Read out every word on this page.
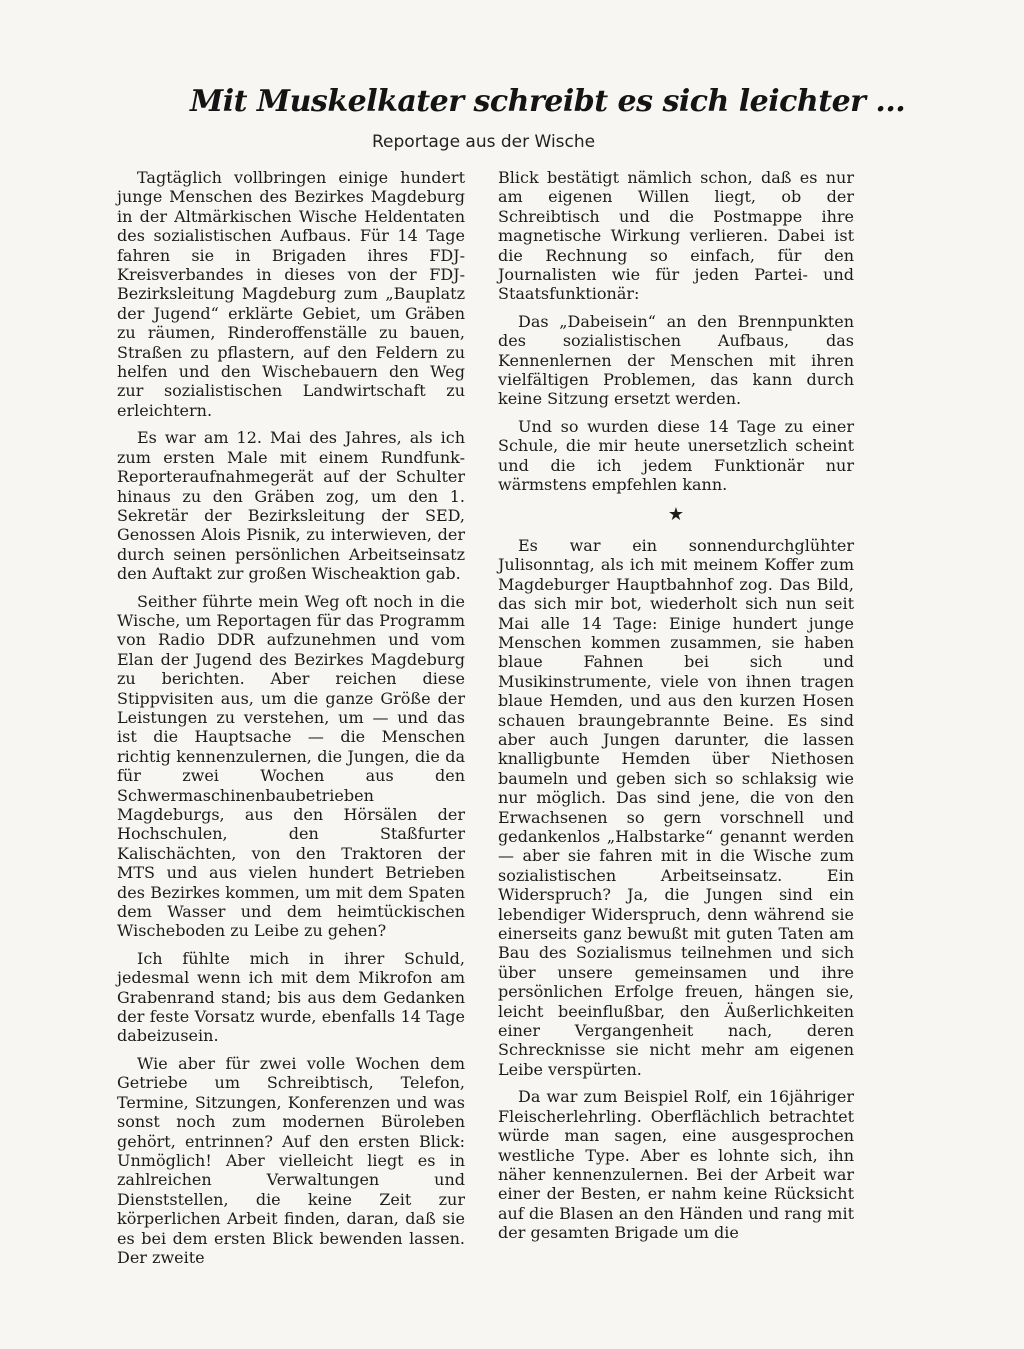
Mit Muskelkater schreibt es sich leichter ...
Reportage aus der Wische

Tagtäglich vollbringen einige hundert junge Menschen des Bezirkes Magdeburg in der Altmärkischen Wische Heldentaten des sozialistischen Aufbaus. Für 14 Tage fahren sie in Brigaden ihres FDJ-Kreisverbandes in dieses von der FDJ-Bezirksleitung Magdeburg zum „Bauplatz der Jugend“ erklärte Gebiet, um Gräben zu räumen, Rinderoffenställe zu bauen, Straßen zu pflastern, auf den Feldern zu helfen und den Wischebauern den Weg zur sozialistischen Landwirtschaft zu erleichtern.

Es war am 12. Mai des Jahres, als ich zum ersten Male mit einem Rundfunk-Reporteraufnahmegerät auf der Schulter hinaus zu den Gräben zog, um den 1. Sekretär der Bezirksleitung der SED, Genossen Alois Pisnik, zu interwieven, der durch seinen persönlichen Arbeitseinsatz den Auftakt zur großen Wischeaktion gab.

Seither führte mein Weg oft noch in die Wische, um Reportagen für das Programm von Radio DDR aufzunehmen und vom Elan der Jugend des Bezirkes Magdeburg zu berichten. Aber reichen diese Stippvisiten aus, um die ganze Größe der Leistungen zu verstehen, um — und das ist die Hauptsache — die Menschen richtig kennenzulernen, die Jungen, die da für zwei Wochen aus den Schwermaschinenbaubetrieben Magdeburgs, aus den Hörsälen der Hochschulen, den Staßfurter Kalischächten, von den Traktoren der MTS und aus vielen hundert Betrieben des Bezirkes kommen, um mit dem Spaten dem Wasser und dem heimtückischen Wischeboden zu Leibe zu gehen?

Ich fühlte mich in ihrer Schuld, jedesmal wenn ich mit dem Mikrofon am Grabenrand stand; bis aus dem Gedanken der feste Vorsatz wurde, ebenfalls 14 Tage dabeizusein.

Wie aber für zwei volle Wochen dem Getriebe um Schreibtisch, Telefon, Termine, Sitzungen, Konferenzen und was sonst noch zum modernen Büroleben gehört, entrinnen? Auf den ersten Blick: Unmöglich! Aber vielleicht liegt es in zahlreichen Verwaltungen und Dienststellen, die keine Zeit zur körperlichen Arbeit finden, daran, daß sie es bei dem ersten Blick bewenden lassen. Der zweite

Blick bestätigt nämlich schon, daß es nur am eigenen Willen liegt, ob der Schreibtisch und die Postmappe ihre magnetische Wirkung verlieren. Dabei ist die Rechnung so einfach, für den Journalisten wie für jeden Partei- und Staatsfunktionär:

Das „Dabeisein“ an den Brennpunkten des sozialistischen Aufbaus, das Kennenlernen der Menschen mit ihren vielfältigen Problemen, das kann durch keine Sitzung ersetzt werden.

Und so wurden diese 14 Tage zu einer Schule, die mir heute unersetzlich scheint und die ich jedem Funktionär nur wärmstens empfehlen kann.

★

Es war ein sonnendurchglühter Julisonntag, als ich mit meinem Koffer zum Magdeburger Hauptbahnhof zog. Das Bild, das sich mir bot, wiederholt sich nun seit Mai alle 14 Tage: Einige hundert junge Menschen kommen zusammen, sie haben blaue Fahnen bei sich und Musikinstrumente, viele von ihnen tragen blaue Hemden, und aus den kurzen Hosen schauen braungebrannte Beine. Es sind aber auch Jungen darunter, die lassen knalligbunte Hemden über Niethosen baumeln und geben sich so schlaksig wie nur möglich. Das sind jene, die von den Erwachsenen so gern vorschnell und gedankenlos „Halbstarke“ genannt werden — aber sie fahren mit in die Wische zum sozialistischen Arbeitseinsatz. Ein Widerspruch? Ja, die Jungen sind ein lebendiger Widerspruch, denn während sie einerseits ganz bewußt mit guten Taten am Bau des Sozialismus teilnehmen und sich über unsere gemeinsamen und ihre persönlichen Erfolge freuen, hängen sie, leicht beeinflußbar, den Äußerlichkeiten einer Vergangenheit nach, deren Schrecknisse sie nicht mehr am eigenen Leibe verspürten.

Da war zum Beispiel Rolf, ein 16jähriger Fleischerlehrling. Oberflächlich betrachtet würde man sagen, eine ausgesprochen westliche Type. Aber es lohnte sich, ihn näher kennenzulernen. Bei der Arbeit war einer der Besten, er nahm keine Rücksicht auf die Blasen an den Händen und rang mit der gesamten Brigade um die
